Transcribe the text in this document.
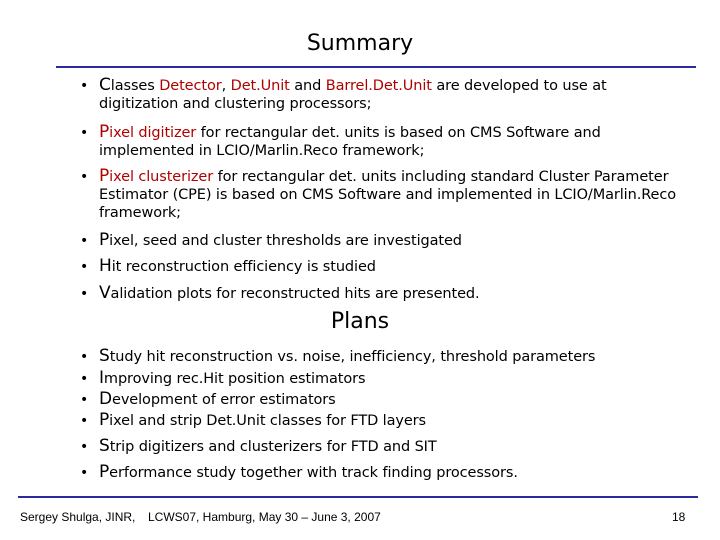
Summary
• Classes Detector, Det.Unit and Barrel.Det.Unit are developed to use at digitization and clustering processors;
• Pixel digitizer for rectangular det. units is based on CMS Software and implemented in LCIO/Marlin.Reco framework;
• Pixel clusterizer for rectangular det. units including standard Cluster Parameter Estimator (CPE) is based on CMS Software and implemented in LCIO/Marlin.Reco framework;
• Pixel, seed and cluster thresholds are investigated
• Hit reconstruction efficiency is studied
• Validation plots for reconstructed hits are presented.
Plans
• Study hit reconstruction vs. noise, inefficiency, threshold parameters
• Improving rec.Hit position estimators
• Development of error estimators
• Pixel and strip Det.Unit classes for FTD layers
• Strip digitizers and clusterizers for FTD and SIT
• Performance study together with track finding processors.
Sergey Shulga, JINR, LCWS07, Hamburg, May 30 – June 3, 2007	18
